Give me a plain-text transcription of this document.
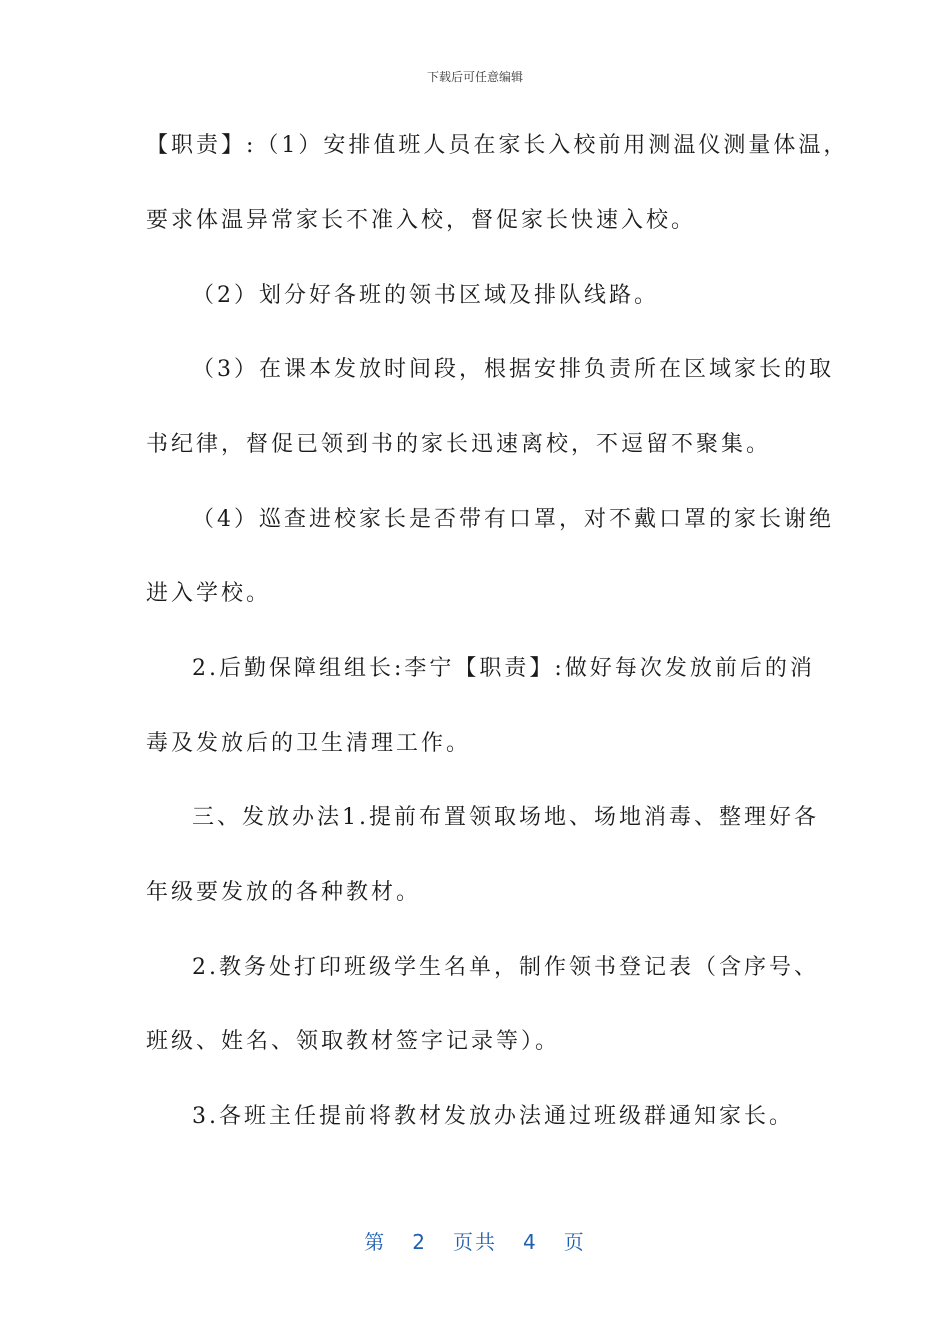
下载后可任意编辑
【职责】:（1）安排值班人员在家长入校前用测温仪测量体温，
要求体温异常家长不准入校，督促家长快速入校。
（2）划分好各班的领书区域及排队线路。
（3）在课本发放时间段，根据安排负责所在区域家长的取
书纪律，督促已领到书的家长迅速离校，不逗留不聚集。
（4）巡查进校家长是否带有口罩，对不戴口罩的家长谢绝
进入学校。
2.后勤保障组组长:李宁【职责】:做好每次发放前后的消
毒及发放后的卫生清理工作。
三、发放办法1.提前布置领取场地、场地消毒、整理好各
年级要发放的各种教材。
2.教务处打印班级学生名单，制作领书登记表（含序号、
班级、姓名、领取教材签字记录等）。
3.各班主任提前将教材发放办法通过班级群通知家长。
第 2 页共 4 页
